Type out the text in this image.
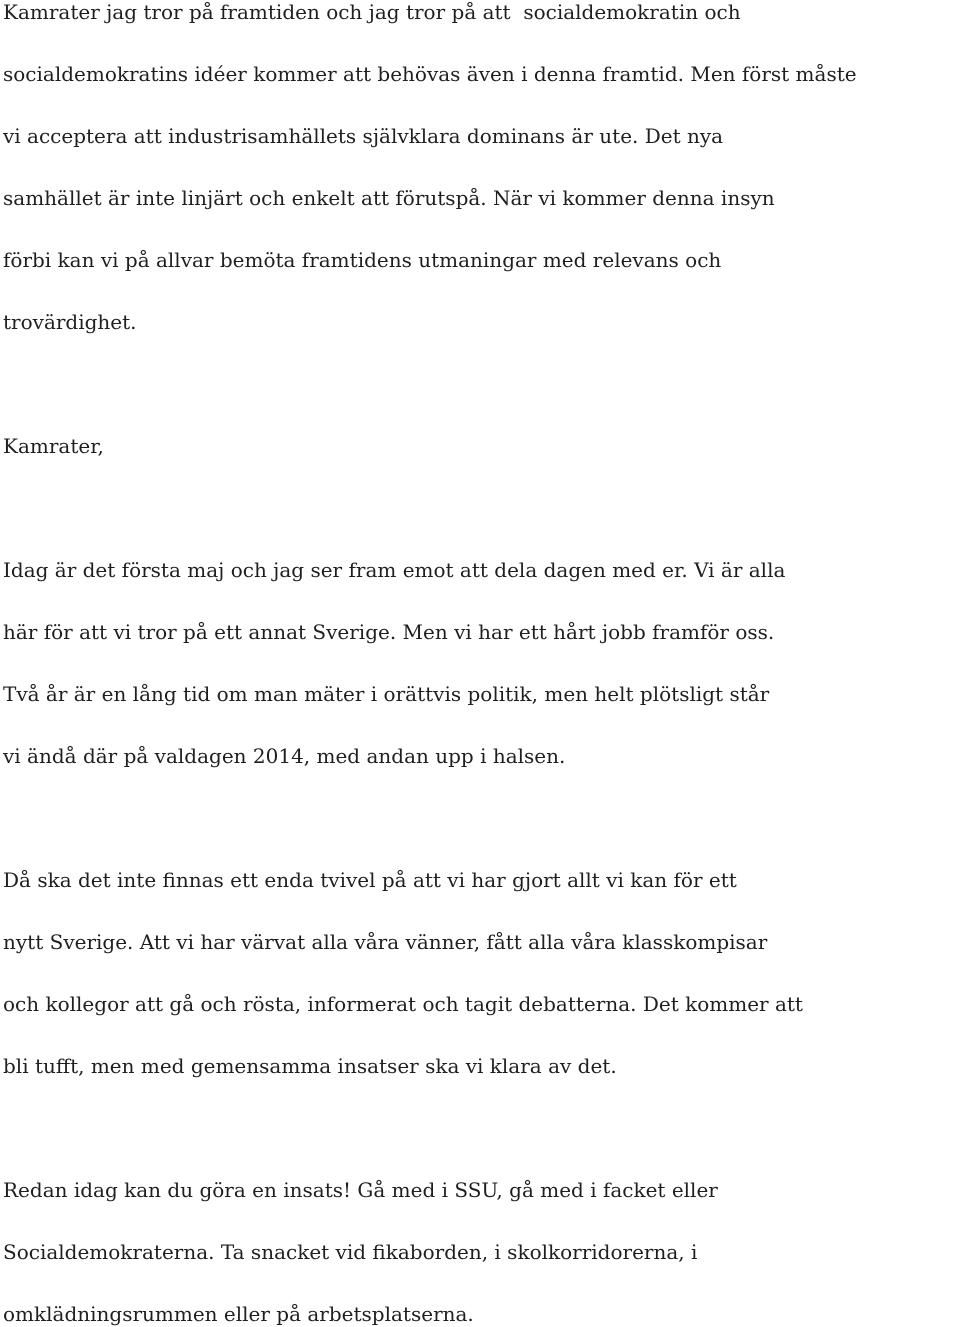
Kamrater jag tror på framtiden och jag tror på att  socialdemokratin och

socialdemokratins idéer kommer att behövas även i denna framtid. Men först måste

vi acceptera att industrisamhällets självklara dominans är ute. Det nya

samhället är inte linjärt och enkelt att förutspå. När vi kommer denna insyn

förbi kan vi på allvar bemöta framtidens utmaningar med relevans och

trovärdighet.

Kamrater,

Idag är det första maj och jag ser fram emot att dela dagen med er. Vi är alla

här för att vi tror på ett annat Sverige. Men vi har ett hårt jobb framför oss.

Två år är en lång tid om man mäter i orättvis politik, men helt plötsligt står

vi ändå där på valdagen 2014, med andan upp i halsen.

Då ska det inte finnas ett enda tvivel på att vi har gjort allt vi kan för ett

nytt Sverige. Att vi har värvat alla våra vänner, fått alla våra klasskompisar

och kollegor att gå och rösta, informerat och tagit debatterna. Det kommer att

bli tufft, men med gemensamma insatser ska vi klara av det.

Redan idag kan du göra en insats! Gå med i SSU, gå med i facket eller

Socialdemokraterna. Ta snacket vid fikaborden, i skolkorridorerna, i

omklädningsrummen eller på arbetsplatserna.
